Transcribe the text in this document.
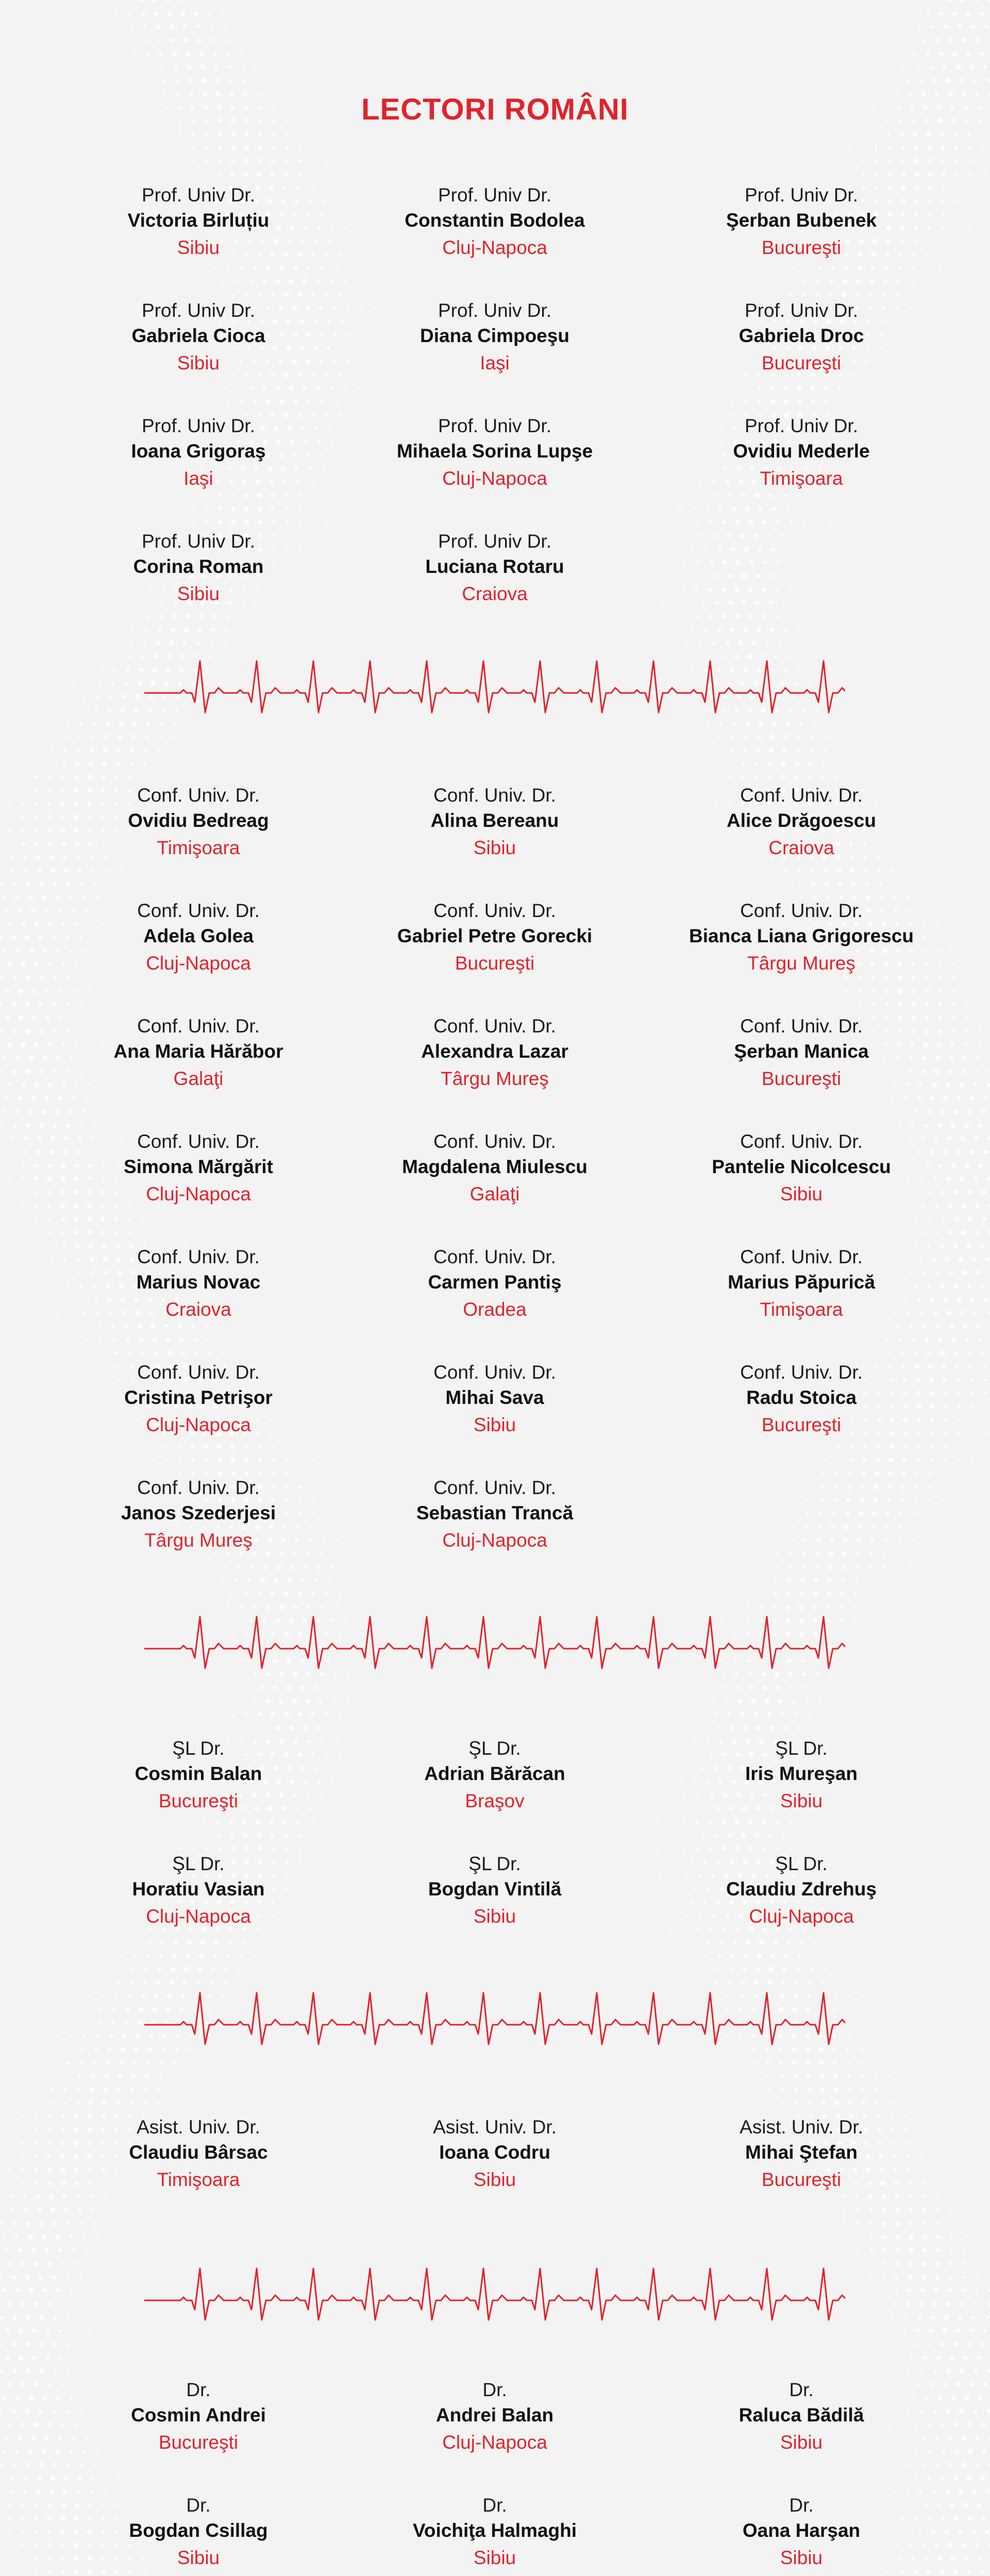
LECTORI ROMÂNI
Prof. Univ Dr.
Victoria Birluțiu
Sibiu
Prof. Univ Dr.
Constantin Bodolea
Cluj-Napoca
Prof. Univ Dr.
Şerban Bubenek
Bucureşti
Prof. Univ Dr.
Gabriela Cioca
Sibiu
Prof. Univ Dr.
Diana Cimpoeşu
Iaşi
Prof. Univ Dr.
Gabriela Droc
Bucureşti
Prof. Univ Dr.
Ioana Grigoraş
Iaşi
Prof. Univ Dr.
Mihaela Sorina Lupşe
Cluj-Napoca
Prof. Univ Dr.
Ovidiu Mederle
Timişoara
Prof. Univ Dr.
Corina Roman
Sibiu
Prof. Univ Dr.
Luciana Rotaru
Craiova
Conf. Univ. Dr.
Ovidiu Bedreag
Timişoara
Conf. Univ. Dr.
Alina Bereanu
Sibiu
Conf. Univ. Dr.
Alice Drăgoescu
Craiova
Conf. Univ. Dr.
Adela Golea
Cluj-Napoca
Conf. Univ. Dr.
Gabriel Petre Gorecki
Bucureşti
Conf. Univ. Dr.
Bianca Liana Grigorescu
Târgu Mureş
Conf. Univ. Dr.
Ana Maria Hărăbor
Galaţi
Conf. Univ. Dr.
Alexandra Lazar
Târgu Mureş
Conf. Univ. Dr.
Şerban Manica
Bucureşti
Conf. Univ. Dr.
Simona Mărgărit
Cluj-Napoca
Conf. Univ. Dr.
Magdalena Miulescu
Galaţi
Conf. Univ. Dr.
Pantelie Nicolcescu
Sibiu
Conf. Univ. Dr.
Marius Novac
Craiova
Conf. Univ. Dr.
Carmen Pantiş
Oradea
Conf. Univ. Dr.
Marius Păpurică
Timişoara
Conf. Univ. Dr.
Cristina Petrişor
Cluj-Napoca
Conf. Univ. Dr.
Mihai Sava
Sibiu
Conf. Univ. Dr.
Radu Stoica
Bucureşti
Conf. Univ. Dr.
Janos Szederjesi
Târgu Mureş
Conf. Univ. Dr.
Sebastian Trancă
Cluj-Napoca
ŞL Dr.
Cosmin Balan
Bucureşti
ŞL Dr.
Adrian Bărăcan
Braşov
ŞL Dr.
Iris Mureşan
Sibiu
ŞL Dr.
Horatiu Vasian
Cluj-Napoca
ŞL Dr.
Bogdan Vintilă
Sibiu
ŞL Dr.
Claudiu Zdrehuş
Cluj-Napoca
Asist. Univ. Dr.
Claudiu Bârsac
Timişoara
Asist. Univ. Dr.
Ioana Codru
Sibiu
Asist. Univ. Dr.
Mihai Ştefan
Bucureşti
Dr.
Cosmin Andrei
Bucureşti
Dr.
Andrei Balan
Cluj-Napoca
Dr.
Raluca Bădilă
Sibiu
Dr.
Bogdan Csillag
Sibiu
Dr.
Voichiţa Halmaghi
Sibiu
Dr.
Oana Harşan
Sibiu
